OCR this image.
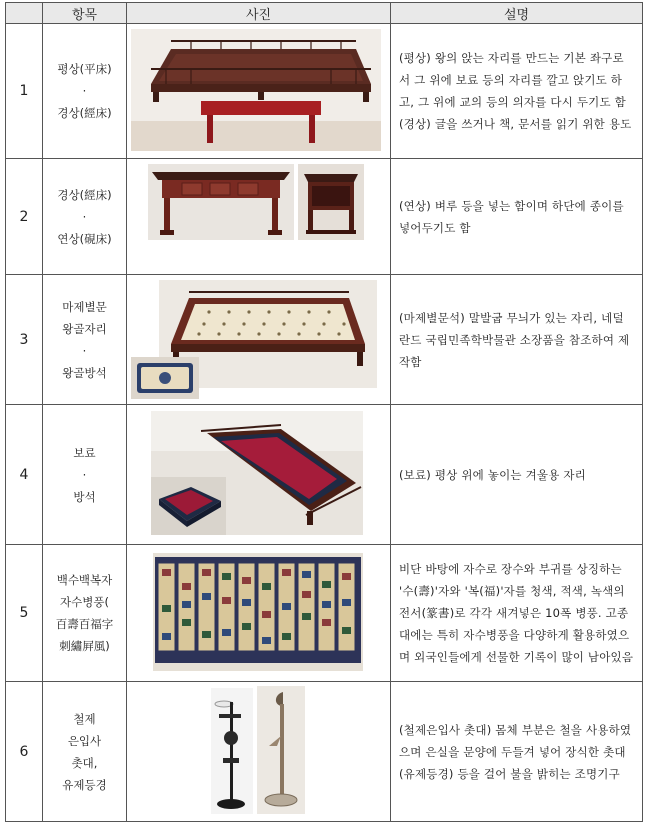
	항목	사진	설명
1	평상(平床)
·
경상(經床)		(평상) 왕의 앉는 자리를 만드는 기본 좌구로 서 그 위에 보료 등의 자리를 깔고 앉기도 하고, 그 위에 교의 등의 의자를 다시 두기도 함 (경상) 글을 쓰거나 책, 문서를 읽기 위한 용도
2	경상(經床)
·
연상(硯床)		(연상) 벼루 등을 넣는 함이며 하단에 종이를 넣어두기도 함
3	마제별문
왕골자리
·
왕골방석		(마제별문석) 말발굽 무늬가 있는 자리, 네덜란드 국립민족학박물관 소장품을 참조하여 제작함
4	보료
·
방석		(보료) 평상 위에 놓이는 겨울용 자리
5	백수백복자
자수병풍(
百壽百福字
刺繡屛風)		비단 바탕에 자수로 장수와 부귀를 상징하는 '수(壽)'자와 '복(福)'자를 청색, 적색, 녹색의 전서(篆書)로 각각 새겨넣은 10폭 병풍. 고종 대에는 특히 자수병풍을 다양하게 활용하였으며 외국인들에게 선물한 기록이 많이 남아있음
6	철제
은입사
촛대,
유제등경		(철제은입사 촛대) 몸체 부분은 철을 사용하였으며 은실을 문양에 두들겨 넣어 장식한 촛대 (유제등경) 등을 걸어 불을 밝히는 조명기구
